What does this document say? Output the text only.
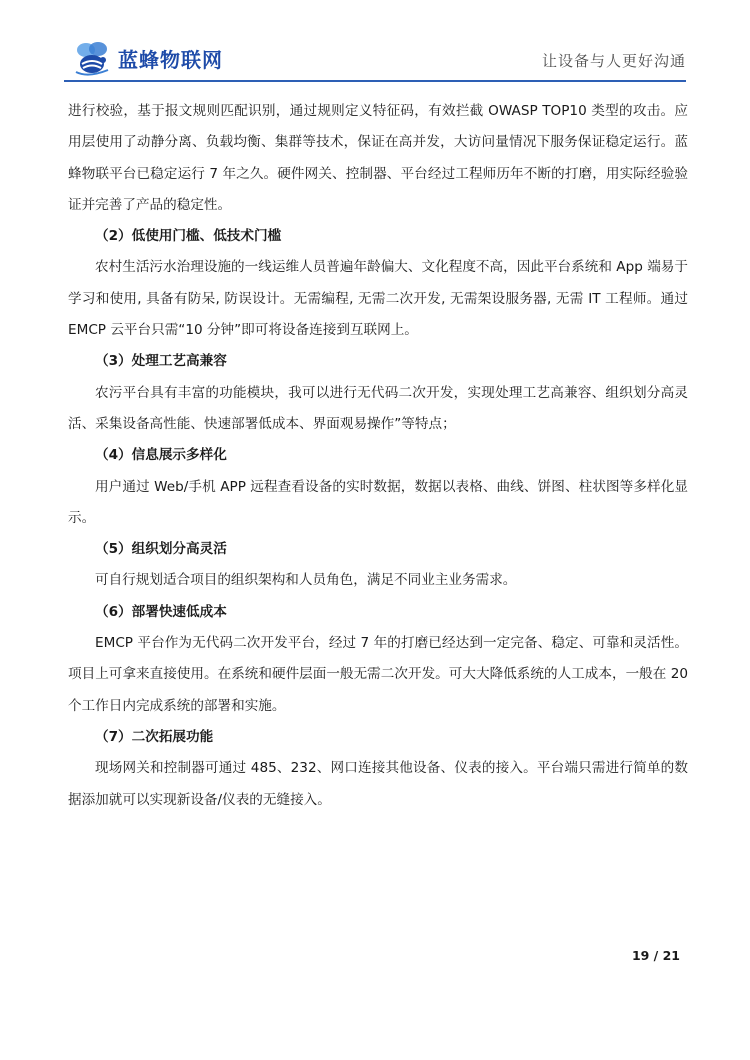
蓝蜂物联网	让设备与人更好沟通

进行校验，基于报文规则匹配识别，通过规则定义特征码，有效拦截 OWASP TOP10 类型的攻击。应用层使用了动静分离、负载均衡、集群等技术，保证在高并发，大访问量情况下服务保证稳定运行。蓝蜂物联平台已稳定运行 7 年之久。硬件网关、控制器、平台经过工程师历年不断的打磨，用实际经验验证并完善了产品的稳定性。

（2）低使用门槛、低技术门槛

农村生活污水治理设施的一线运维人员普遍年龄偏大、文化程度不高，因此平台系统和 App 端易于学习和使用, 具备有防呆, 防误设计。无需编程, 无需二次开发, 无需架设服务器, 无需 IT 工程师。通过 EMCP 云平台只需“10 分钟”即可将设备连接到互联网上。

（3）处理工艺高兼容

农污平台具有丰富的功能模块，我可以进行无代码二次开发，实现处理工艺高兼容、组织划分高灵活、采集设备高性能、快速部署低成本、界面观易操作”等特点；

（4）信息展示多样化

用户通过 Web/手机 APP 远程查看设备的实时数据，数据以表格、曲线、饼图、柱状图等多样化显示。

（5）组织划分高灵活

可自行规划适合项目的组织架构和人员角色，满足不同业主业务需求。

（6）部署快速低成本

EMCP 平台作为无代码二次开发平台，经过 7 年的打磨已经达到一定完备、稳定、可靠和灵活性。项目上可拿来直接使用。在系统和硬件层面一般无需二次开发。可大大降低系统的人工成本，一般在 20 个工作日内完成系统的部署和实施。

（7）二次拓展功能

现场网关和控制器可通过 485、232、网口连接其他设备、仪表的接入。平台端只需进行简单的数据添加就可以实现新设备/仪表的无缝接入。

19 / 21
